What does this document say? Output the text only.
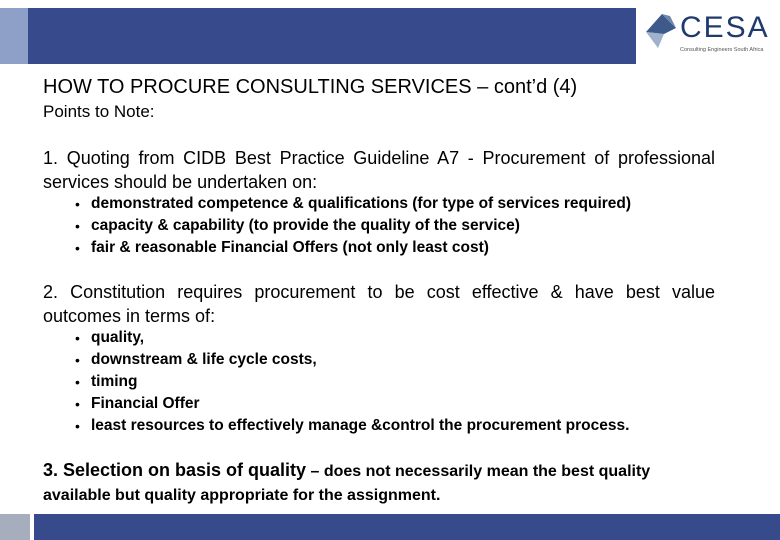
CESA
Consulting Engineers South Africa
HOW TO PROCURE CONSULTING SERVICES – cont’d (4)
Points to Note:
1. Quoting from CIDB Best Practice Guideline A7 - Procurement of professional services should be undertaken on:
• demonstrated competence & qualifications (for type of services required)
• capacity & capability (to provide the quality of the service)
• fair & reasonable Financial Offers (not only least cost)
2. Constitution requires procurement to be cost effective & have best value outcomes in terms of:
• quality,
• downstream & life cycle costs,
• timing
• Financial Offer
• least resources to effectively manage &control the procurement process.
3. Selection on basis of quality – does not necessarily mean the best quality available but quality appropriate for the assignment.
